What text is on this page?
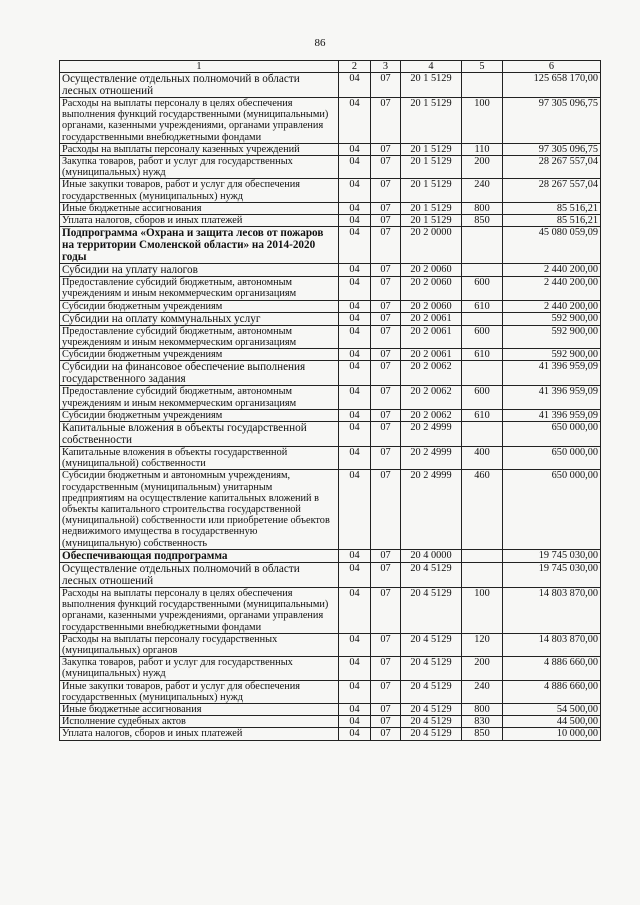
86
1	2	3	4	5	6
Осуществление отдельных полномочий в области лесных отношений	04	07	20 1 5129		125 658 170,00
Расходы на выплаты персоналу в целях обеспечения выполнения функций государственными (муниципальными) органами, казенными учреждениями, органами управления государственными внебюджетными фондами	04	07	20 1 5129	100	97 305 096,75
Расходы на выплаты персоналу казенных учреждений	04	07	20 1 5129	110	97 305 096,75
Закупка товаров, работ и услуг для государственных (муниципальных) нужд	04	07	20 1 5129	200	28 267 557,04
Иные закупки товаров, работ и услуг для обеспечения государственных (муниципальных) нужд	04	07	20 1 5129	240	28 267 557,04
Иные бюджетные ассигнования	04	07	20 1 5129	800	85 516,21
Уплата налогов, сборов и иных платежей	04	07	20 1 5129	850	85 516,21
Подпрограмма «Охрана и защита лесов от пожаров на территории Смоленской области» на 2014-2020 годы	04	07	20 2 0000		45 080 059,09
Субсидии на уплату налогов	04	07	20 2 0060		2 440 200,00
Предоставление субсидий бюджетным, автономным учреждениям и иным некоммерческим организациям	04	07	20 2 0060	600	2 440 200,00
Субсидии бюджетным учреждениям	04	07	20 2 0060	610	2 440 200,00
Субсидии на оплату коммунальных услуг	04	07	20 2 0061		592 900,00
Предоставление субсидий бюджетным, автономным учреждениям и иным некоммерческим организациям	04	07	20 2 0061	600	592 900,00
Субсидии бюджетным учреждениям	04	07	20 2 0061	610	592 900,00
Субсидии на финансовое обеспечение выполнения государственного задания	04	07	20 2 0062		41 396 959,09
Предоставление субсидий бюджетным, автономным учреждениям и иным некоммерческим организациям	04	07	20 2 0062	600	41 396 959,09
Субсидии бюджетным учреждениям	04	07	20 2 0062	610	41 396 959,09
Капитальные вложения в объекты государственной собственности	04	07	20 2 4999		650 000,00
Капитальные вложения в объекты государственной (муниципальной) собственности	04	07	20 2 4999	400	650 000,00
Субсидии бюджетным и автономным учреждениям, государственным (муниципальным) унитарным предприятиям на осуществление капитальных вложений в объекты капитального строительства государственной (муниципальной) собственности или приобретение объектов недвижимого имущества в государственную (муниципальную) собственность	04	07	20 2 4999	460	650 000,00
Обеспечивающая подпрограмма	04	07	20 4 0000		19 745 030,00
Осуществление отдельных полномочий в области лесных отношений	04	07	20 4 5129		19 745 030,00
Расходы на выплаты персоналу в целях обеспечения выполнения функций государственными (муниципальными) органами, казенными учреждениями, органами управления государственными внебюджетными фондами	04	07	20 4 5129	100	14 803 870,00
Расходы на выплаты персоналу государственных (муниципальных) органов	04	07	20 4 5129	120	14 803 870,00
Закупка товаров, работ и услуг для государственных (муниципальных) нужд	04	07	20 4 5129	200	4 886 660,00
Иные закупки товаров, работ и услуг для обеспечения государственных (муниципальных) нужд	04	07	20 4 5129	240	4 886 660,00
Иные бюджетные ассигнования	04	07	20 4 5129	800	54 500,00
Исполнение судебных актов	04	07	20 4 5129	830	44 500,00
Уплата налогов, сборов и иных платежей	04	07	20 4 5129	850	10 000,00
